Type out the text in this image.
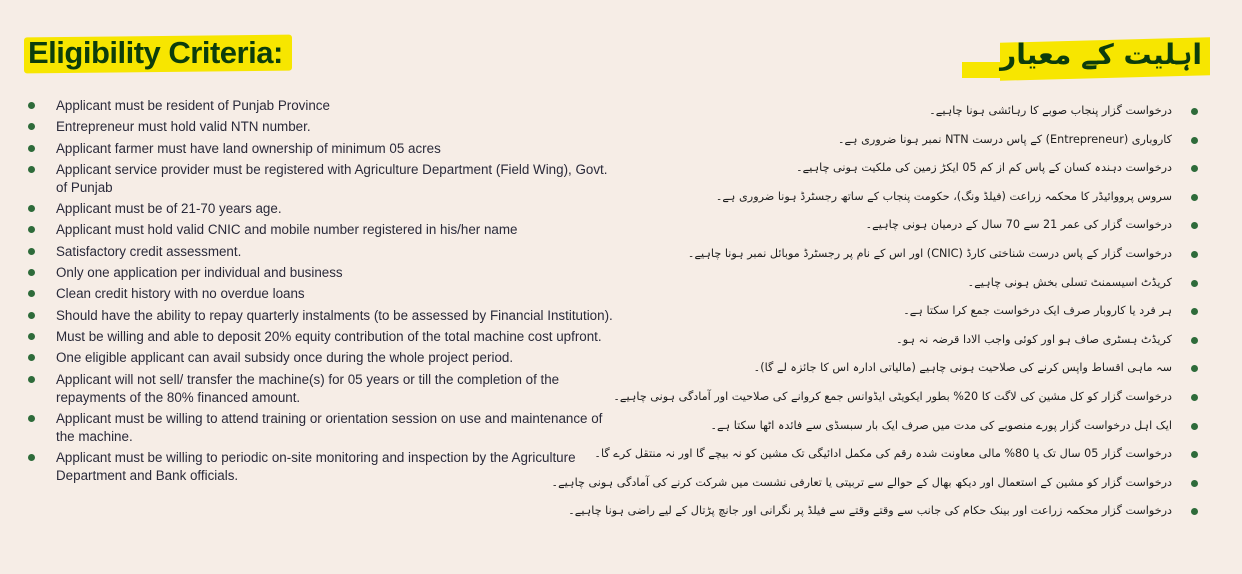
Eligibility Criteria:	اہلیت کے معیار
Applicant must be resident of Punjab Province
Entrepreneur must hold valid NTN number.
Applicant farmer must have land ownership of minimum 05 acres
Applicant service provider must be registered with Agriculture Department (Field Wing), Govt. of Punjab
Applicant must be of 21-70 years age.
Applicant must hold valid CNIC and mobile number registered in his/her name
Satisfactory credit assessment.
Only one application per individual and business
Clean credit history with no overdue loans
Should have the ability to repay quarterly instalments (to be assessed by Financial Institution).
Must be willing and able to deposit 20% equity contribution of the total machine cost upfront.
One eligible applicant can avail subsidy once during the whole project period.
Applicant will not sell/ transfer the machine(s) for 05 years or till the completion of the repayments of the 80% financed amount.
Applicant must be willing to attend training or orientation session on use and maintenance of the machine.
Applicant must be willing to periodic on-site monitoring and inspection by the Agriculture Department and Bank officials.
درخواست گزار پنجاب صوبے کا رہائشی ہونا چاہیے۔
کاروباری (Entrepreneur) کے پاس درست NTN نمبر ہونا ضروری ہے۔
درخواست دہندہ کسان کے پاس کم از کم 05 ایکڑ زمین کی ملکیت ہونی چاہیے۔
سروس پرووائیڈر کا محکمہ زراعت (فیلڈ ونگ)، حکومت پنجاب کے ساتھ رجسٹرڈ ہونا ضروری ہے۔
درخواست گزار کی عمر 21 سے 70 سال کے درمیان ہونی چاہیے۔
درخواست گزار کے پاس درست شناختی کارڈ (CNIC) اور اس کے نام پر رجسٹرڈ موبائل نمبر ہونا چاہیے۔
کریڈٹ اسیسمنٹ تسلی بخش ہونی چاہیے۔
ہر فرد یا کاروبار صرف ایک درخواست جمع کرا سکتا ہے۔
کریڈٹ ہسٹری صاف ہو اور کوئی واجب الادا قرضہ نہ ہو۔
سہ ماہی اقساط واپس کرنے کی صلاحیت ہونی چاہیے (مالیاتی ادارہ اس کا جائزہ لے گا)۔
درخواست گزار کو کل مشین کی لاگت کا 20% بطور ایکویٹی ایڈوانس جمع کروانے کی صلاحیت اور آمادگی ہونی چاہیے۔
ایک اہل درخواست گزار پورے منصوبے کی مدت میں صرف ایک بار سبسڈی سے فائدہ اٹھا سکتا ہے۔
درخواست گزار 05 سال تک یا 80% مالی معاونت شدہ رقم کی مکمل ادائیگی تک مشین کو نہ بیچے گا اور نہ منتقل کرے گا۔
درخواست گزار کو مشین کے استعمال اور دیکھ بھال کے حوالے سے تربیتی یا تعارفی نشست میں شرکت کرنے کی آمادگی ہونی چاہیے۔
درخواست گزار محکمہ زراعت اور بینک حکام کی جانب سے وقتے وقتے سے فیلڈ پر نگرانی اور جانچ پڑتال کے لیے راضی ہونا چاہیے۔
